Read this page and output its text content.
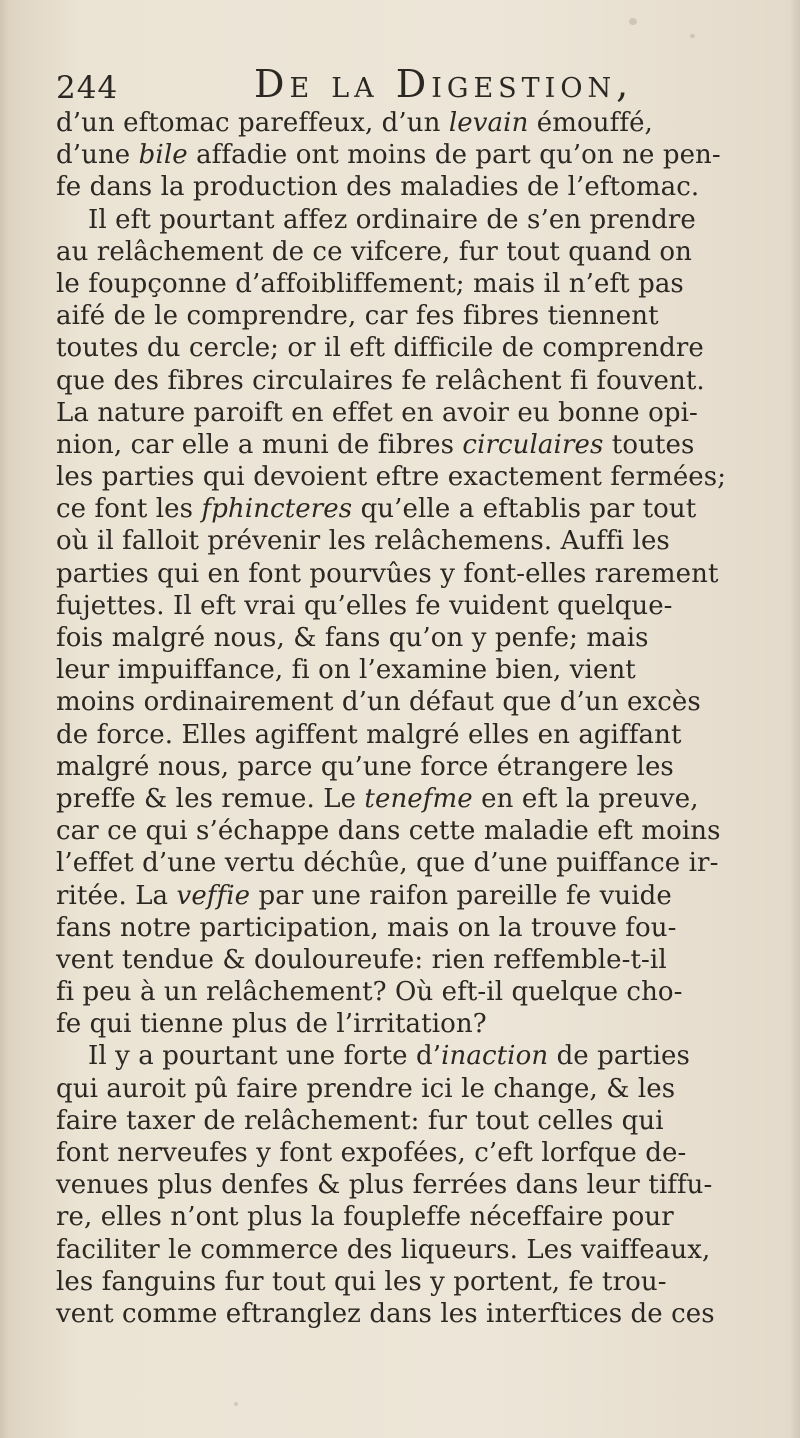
244	De la Digestion,
d’un eftomac pareffeux, d’un levain émouffé,
d’une bile affadie ont moins de part qu’on ne pen-
fe dans la production des maladies de l’eftomac.
Il eft pourtant affez ordinaire de s’en prendre
au relâchement de ce vifcere, fur tout quand on
le foupçonne d’affoibliffement; mais il n’eft pas
aifé de le comprendre, car fes fibres tiennent
toutes du cercle; or il eft difficile de comprendre
que des fibres circulaires fe relâchent fi fouvent.
La nature paroift en effet en avoir eu bonne opi-
nion, car elle a muni de fibres circulaires toutes
les parties qui devoient eftre exactement fermées;
ce font les fphincteres qu’elle a eftablis par tout
où il falloit prévenir les relâchemens. Auffi les
parties qui en font pourvûes y font-elles rarement
fujettes. Il eft vrai qu’elles fe vuident quelque-
fois malgré nous, & fans qu’on y penfe; mais
leur impuiffance, fi on l’examine bien, vient
moins ordinairement d’un défaut que d’un excès
de force. Elles agiffent malgré elles en agiffant
malgré nous, parce qu’une force étrangere les
preffe & les remue. Le tenefme en eft la preuve,
car ce qui s’échappe dans cette maladie eft moins
l’effet d’une vertu déchûe, que d’une puiffance ir-
ritée. La veffie par une raifon pareille fe vuide
fans notre participation, mais on la trouve fou-
vent tendue & douloureufe: rien reffemble-t-il
fi peu à un relâchement? Où eft-il quelque cho-
fe qui tienne plus de l’irritation?
Il y a pourtant une forte d’inaction de parties
qui auroit pû faire prendre ici le change, & les
faire taxer de relâchement: fur tout celles qui
font nerveufes y font expofées, c’eft lorfque de-
venues plus denfes & plus ferrées dans leur tiffu-
re, elles n’ont plus la foupleffe néceffaire pour
faciliter le commerce des liqueurs. Les vaiffeaux,
les fanguins fur tout qui les y portent, fe trou-
vent comme eftranglez dans les interftices de ces
